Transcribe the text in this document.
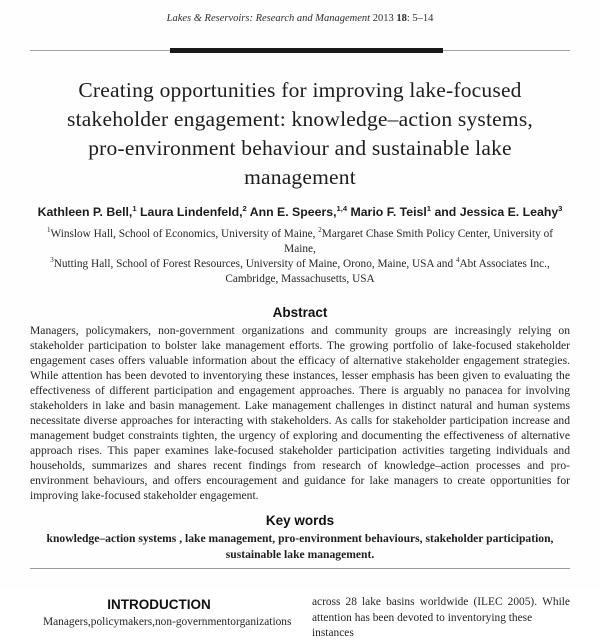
Lakes & Reservoirs: Research and Management 2013 18: 5–14
Creating opportunities for improving lake-focused
stakeholder engagement: knowledge–action systems,
pro-environment behaviour and sustainable lake
management
Kathleen P. Bell,$^1$ Laura Lindenfeld,$^2$ Ann E. Speers,$^{1,4}$ Mario F. Teisl$^1$ and Jessica E. Leahy$^3$
$^1$Winslow Hall, School of Economics, University of Maine, $^2$Margaret Chase Smith Policy Center, University of Maine,
$^3$Nutting Hall, School of Forest Resources, University of Maine, Orono, Maine, USA and $^4$Abt Associates Inc.,
Cambridge, Massachusetts, USA
Abstract

Managers, policymakers, non-government organizations and community groups are increasingly relying on stakeholder participation to bolster lake management efforts. The growing portfolio of lake-focused stakeholder engagement cases offers valuable information about the efficacy of alternative stakeholder engagement strategies. While attention has been devoted to inventorying these instances, lesser emphasis has been given to evaluating the effectiveness of different participation and engagement approaches. There is arguably no panacea for involving stakeholders in lake and basin management. Lake management challenges in distinct natural and human systems necessitate diverse approaches for interacting with stakeholders. As calls for stakeholder participation increase and management budget constraints tighten, the urgency of exploring and documenting the effectiveness of alternative approach rises. This paper examines lake-focused stakeholder participation activities targeting individuals and households, summarizes and shares recent findings from research of knowledge–action processes and pro-environment behaviours, and offers encouragement and guidance for lake managers to create opportunities for improving lake-focused stakeholder engagement.

Key words
knowledge–action systems , lake management, pro-environment behaviours, stakeholder participation,
sustainable lake management.
INTRODUCTION
Managers, policymakers, non-government organizations
across 28 lake basins worldwide (ILEC 2005). While
attention has been devoted to inventorying these instances
